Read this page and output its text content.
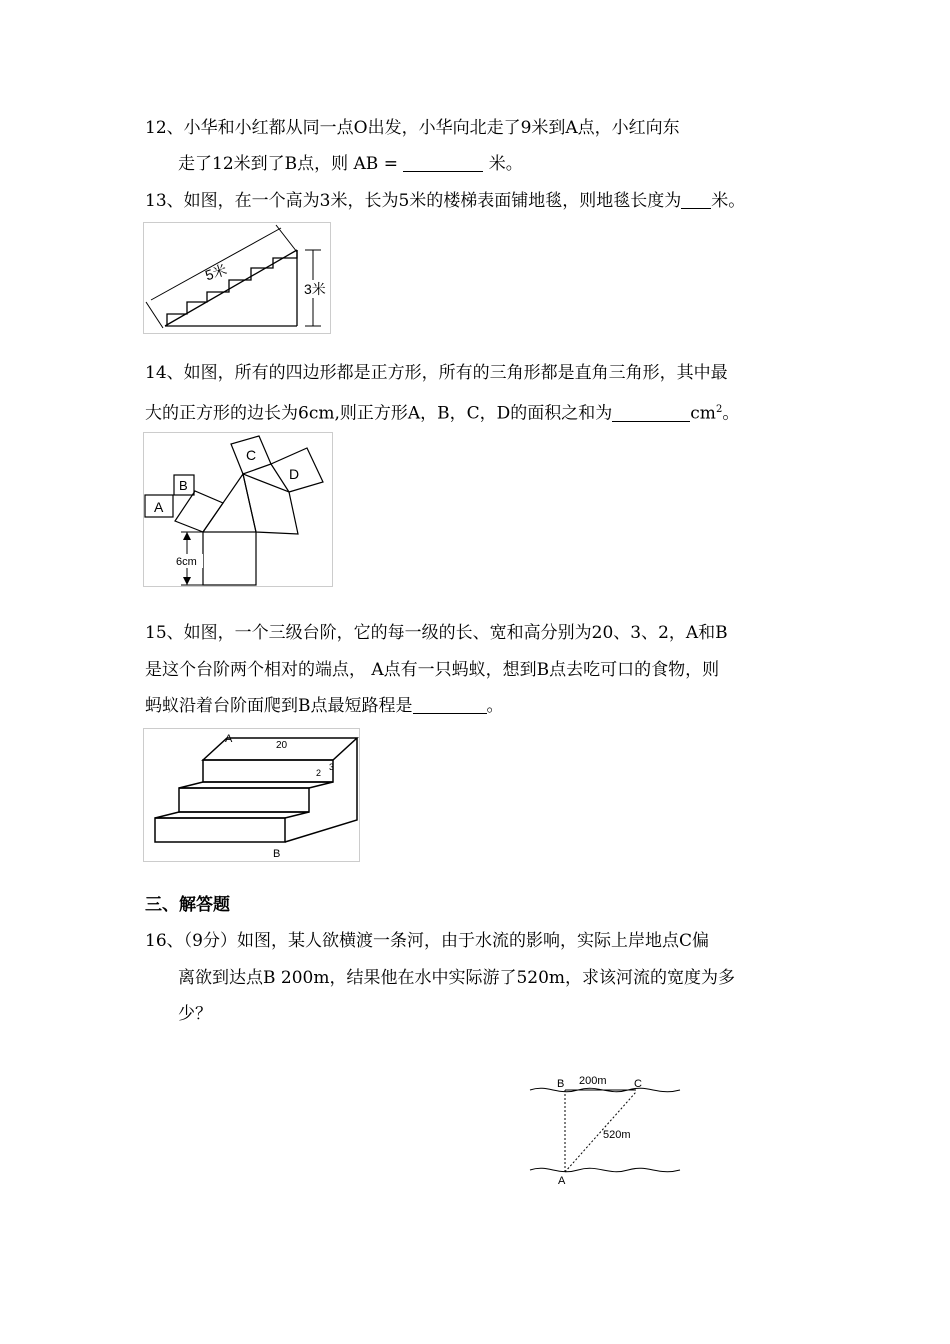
12、小华和小红都从同一点O出发，小华向北走了9米到A点，小红向东
走了12米到了B点，则 AB =	米。
13、如图，在一个高为3米，长为5米的楼梯表面铺地毯，则地毯长度为 米。
5米
3米
14、如图，所有的四边形都是正方形，所有的三角形都是直角三角形，其中最
大的正方形的边长为6cm,则正方形A，B，C，D的面积之和为	$cm^2$。
A
B
C
D
6cm
15、如图，一个三级台阶，它的每一级的长、宽和高分别为20、3、2，A和B
是这个台阶两个相对的端点， A点有一只蚂蚁，想到B点去吃可口的食物，则
蚂蚁沿着台阶面爬到B点最短路程是	。
A
20
3
2
B
三、解答题
16、（9分）如图，某人欲横渡一条河，由于水流的影响，实际上岸地点C偏
离欲到达点B 200m，结果他在水中实际游了520m，求该河流的宽度为多
少？
B 200m C
520m
A
